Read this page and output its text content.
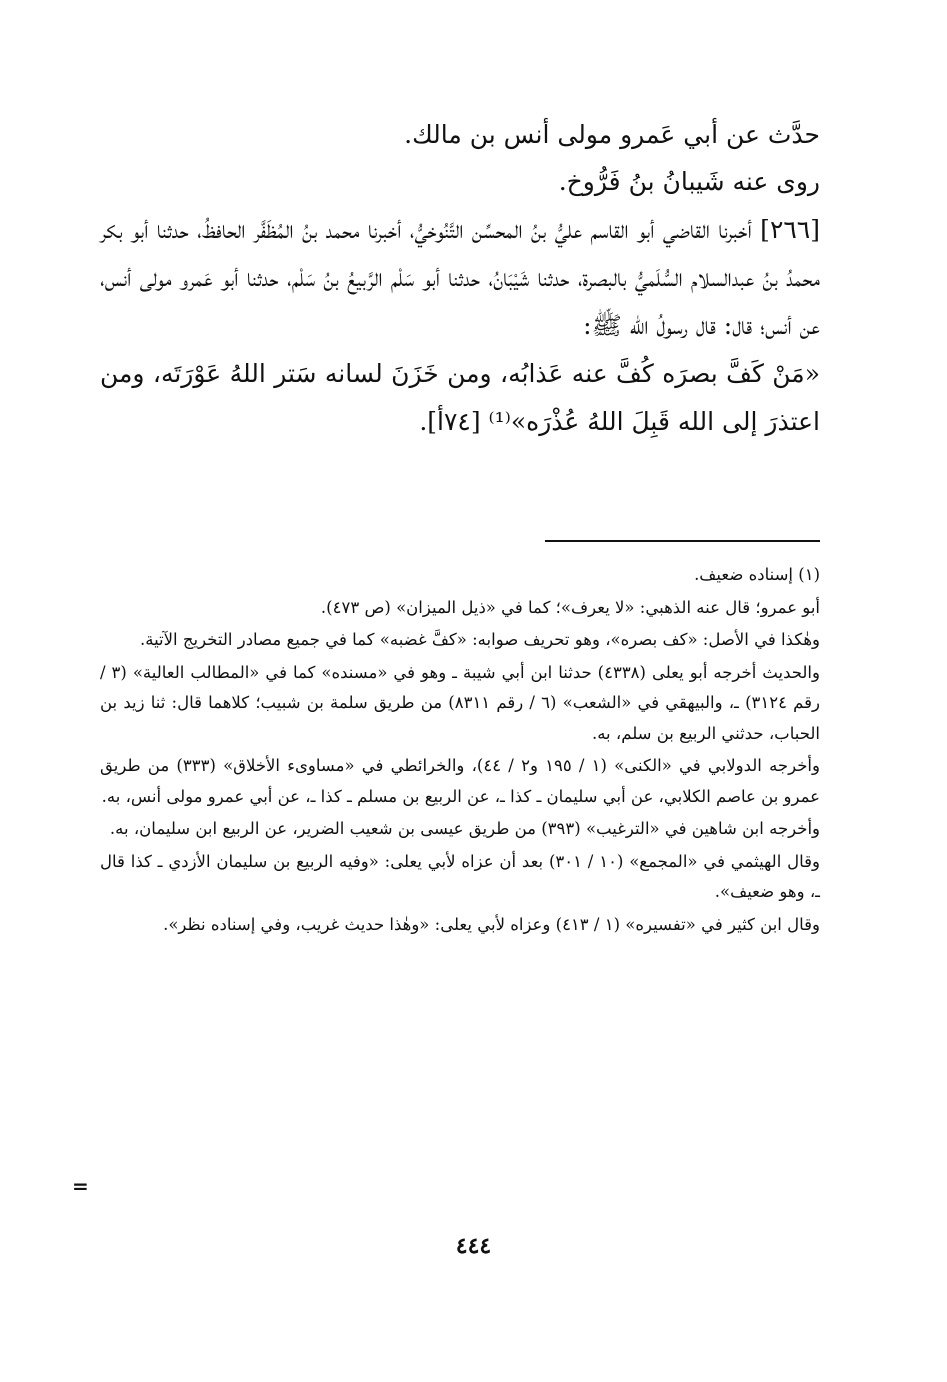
حدَّث عن أبي عَمرو مولى أنس بن مالك.

روى عنه شَيبانُ بنُ فَرُّوخ.

[٢٦٦] أخبرنا القاضي أبو القاسم عليُّ بنُ المحسِّن التَّنُوخيُّ، أخبرنا محمد بنُ المُظَفَّر الحافظُ، حدثنا أبو بكر محمدُ بنُ عبدالسلام السُّلَميُّ بالبصرة، حدثنا شَيْبَانُ، حدثنا أبو سَلْم الرَّبيعُ بنُ سَلْم، حدثنا أبو عَمرو مولى أنس، عن أنس؛ قال: قال رسولُ الله ﷺ:

«مَنْ كَفَّ بصرَه كُفَّ عنه عَذابُه، ومن خَزَنَ لسانه سَتر اللهُ عَوْرَتَه، ومن اعتذرَ إلى الله قَبِلَ اللهُ عُذْرَه»⁽¹⁾ [٧٤أ].

(١) إسناده ضعيف.

أبو عمرو؛ قال عنه الذهبي: «لا يعرف»؛ كما في «ذيل الميزان» (ص ٤٧٣).

وهٰكذا في الأصل: «كف بصره»، وهو تحريف صوابه: «كفَّ غضبه» كما في جميع مصادر التخريج الآتية.

والحديث أخرجه أبو يعلى (٤٣٣٨) حدثنا ابن أبي شيبة ـ وهو في «مسنده» كما في «المطالب العالية» (٣ / رقم ٣١٢٤) ـ، والبيهقي في «الشعب» (٦ / رقم ٨٣١١) من طريق سلمة بن شبيب؛ كلاهما قال: ثنا زيد بن الحباب، حدثني الربيع بن سلم، به.

وأخرجه الدولابي في «الكنى» (١ / ١٩٥ و٢ / ٤٤)، والخرائطي في «مساوىء الأخلاق» (٣٣٣) من طريق عمرو بن عاصم الكلابي، عن أبي سليمان ـ كذا ـ، عن الربيع بن مسلم ـ كذا ـ، عن أبي عمرو مولى أنس، به.

وأخرجه ابن شاهين في «الترغيب» (٣٩٣) من طريق عيسى بن شعيب الضرير، عن الربيع ابن سليمان، به.

وقال الهيثمي في «المجمع» (١٠ / ٣٠١) بعد أن عزاه لأبي يعلى: «وفيه الربيع بن سليمان الأزدي ـ كذا قال ـ، وهو ضعيف».

وقال ابن كثير في «تفسيره» (١ / ٤١٣) وعزاه لأبي يعلى: «وهٰذا حديث غريب، وفي إسناده نظر».

=
٤٤٤
